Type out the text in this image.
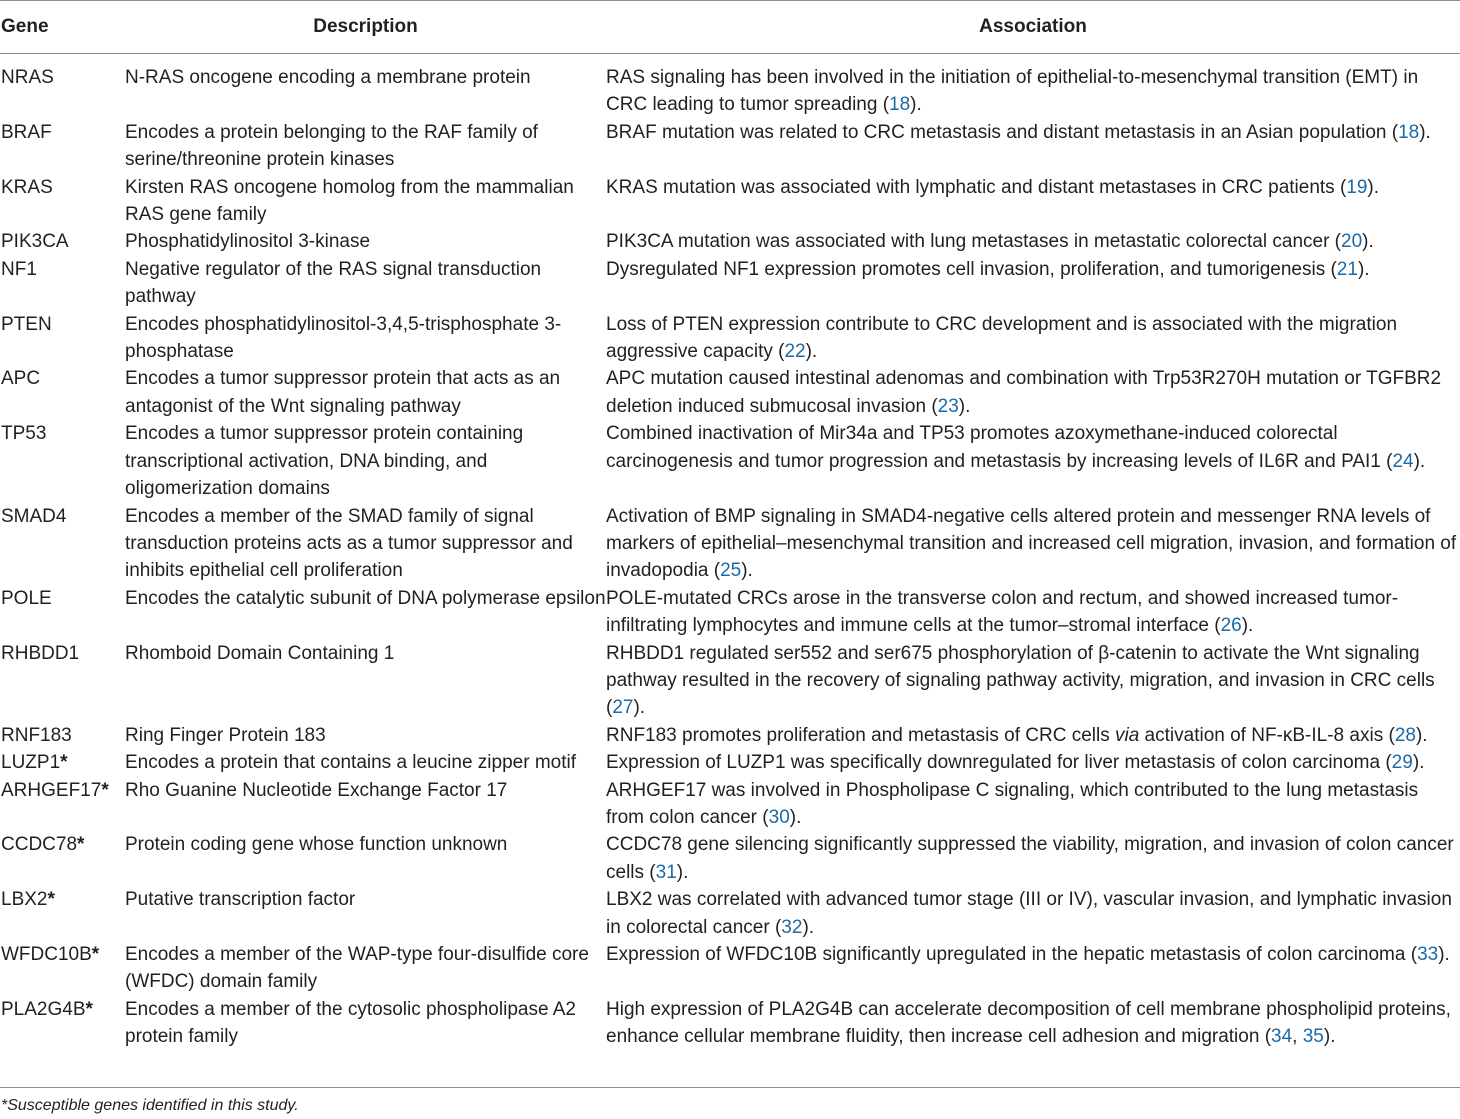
Gene	Description	Association
NRAS	N-RAS oncogene encoding a membrane protein	RAS signaling has been involved in the initiation of epithelial-to-mesenchymal transition (EMT) in CRC leading to tumor spreading (18).
BRAF	Encodes a protein belonging to the RAF family of serine/threonine protein kinases	BRAF mutation was related to CRC metastasis and distant metastasis in an Asian population (18).
KRAS	Kirsten RAS oncogene homolog from the mammalian RAS gene family	KRAS mutation was associated with lymphatic and distant metastases in CRC patients (19).
PIK3CA	Phosphatidylinositol 3-kinase	PIK3CA mutation was associated with lung metastases in metastatic colorectal cancer (20).
NF1	Negative regulator of the RAS signal transduction pathway	Dysregulated NF1 expression promotes cell invasion, proliferation, and tumorigenesis (21).
PTEN	Encodes phosphatidylinositol-3,4,5-trisphosphate 3-phosphatase	Loss of PTEN expression contribute to CRC development and is associated with the migration aggressive capacity (22).
APC	Encodes a tumor suppressor protein that acts as an antagonist of the Wnt signaling pathway	APC mutation caused intestinal adenomas and combination with Trp53R270H mutation or TGFBR2 deletion induced submucosal invasion (23).
TP53	Encodes a tumor suppressor protein containing transcriptional activation, DNA binding, and oligomerization domains	Combined inactivation of Mir34a and TP53 promotes azoxymethane-induced colorectal carcinogenesis and tumor progression and metastasis by increasing levels of IL6R and PAI1 (24).
SMAD4	Encodes a member of the SMAD family of signal transduction proteins acts as a tumor suppressor and inhibits epithelial cell proliferation	Activation of BMP signaling in SMAD4-negative cells altered protein and messenger RNA levels of markers of epithelial–mesenchymal transition and increased cell migration, invasion, and formation of invadopodia (25).
POLE	Encodes the catalytic subunit of DNA polymerase epsilon	POLE-mutated CRCs arose in the transverse colon and rectum, and showed increased tumor-infiltrating lymphocytes and immune cells at the tumor–stromal interface (26).
RHBDD1	Rhomboid Domain Containing 1	RHBDD1 regulated ser552 and ser675 phosphorylation of β-catenin to activate the Wnt signaling pathway resulted in the recovery of signaling pathway activity, migration, and invasion in CRC cells (27).
RNF183	Ring Finger Protein 183	RNF183 promotes proliferation and metastasis of CRC cells via activation of NF-κB-IL-8 axis (28).
LUZP1*	Encodes a protein that contains a leucine zipper motif	Expression of LUZP1 was specifically downregulated for liver metastasis of colon carcinoma (29).
ARHGEF17*	Rho Guanine Nucleotide Exchange Factor 17	ARHGEF17 was involved in Phospholipase C signaling, which contributed to the lung metastasis from colon cancer (30).
CCDC78*	Protein coding gene whose function unknown	CCDC78 gene silencing significantly suppressed the viability, migration, and invasion of colon cancer cells (31).
LBX2*	Putative transcription factor	LBX2 was correlated with advanced tumor stage (III or IV), vascular invasion, and lymphatic invasion in colorectal cancer (32).
WFDC10B*	Encodes a member of the WAP-type four-disulfide core (WFDC) domain family	Expression of WFDC10B significantly upregulated in the hepatic metastasis of colon carcinoma (33).
PLA2G4B*	Encodes a member of the cytosolic phospholipase A2 protein family	High expression of PLA2G4B can accelerate decomposition of cell membrane phospholipid proteins, enhance cellular membrane fluidity, then increase cell adhesion and migration (34, 35).
*Susceptible genes identified in this study.
